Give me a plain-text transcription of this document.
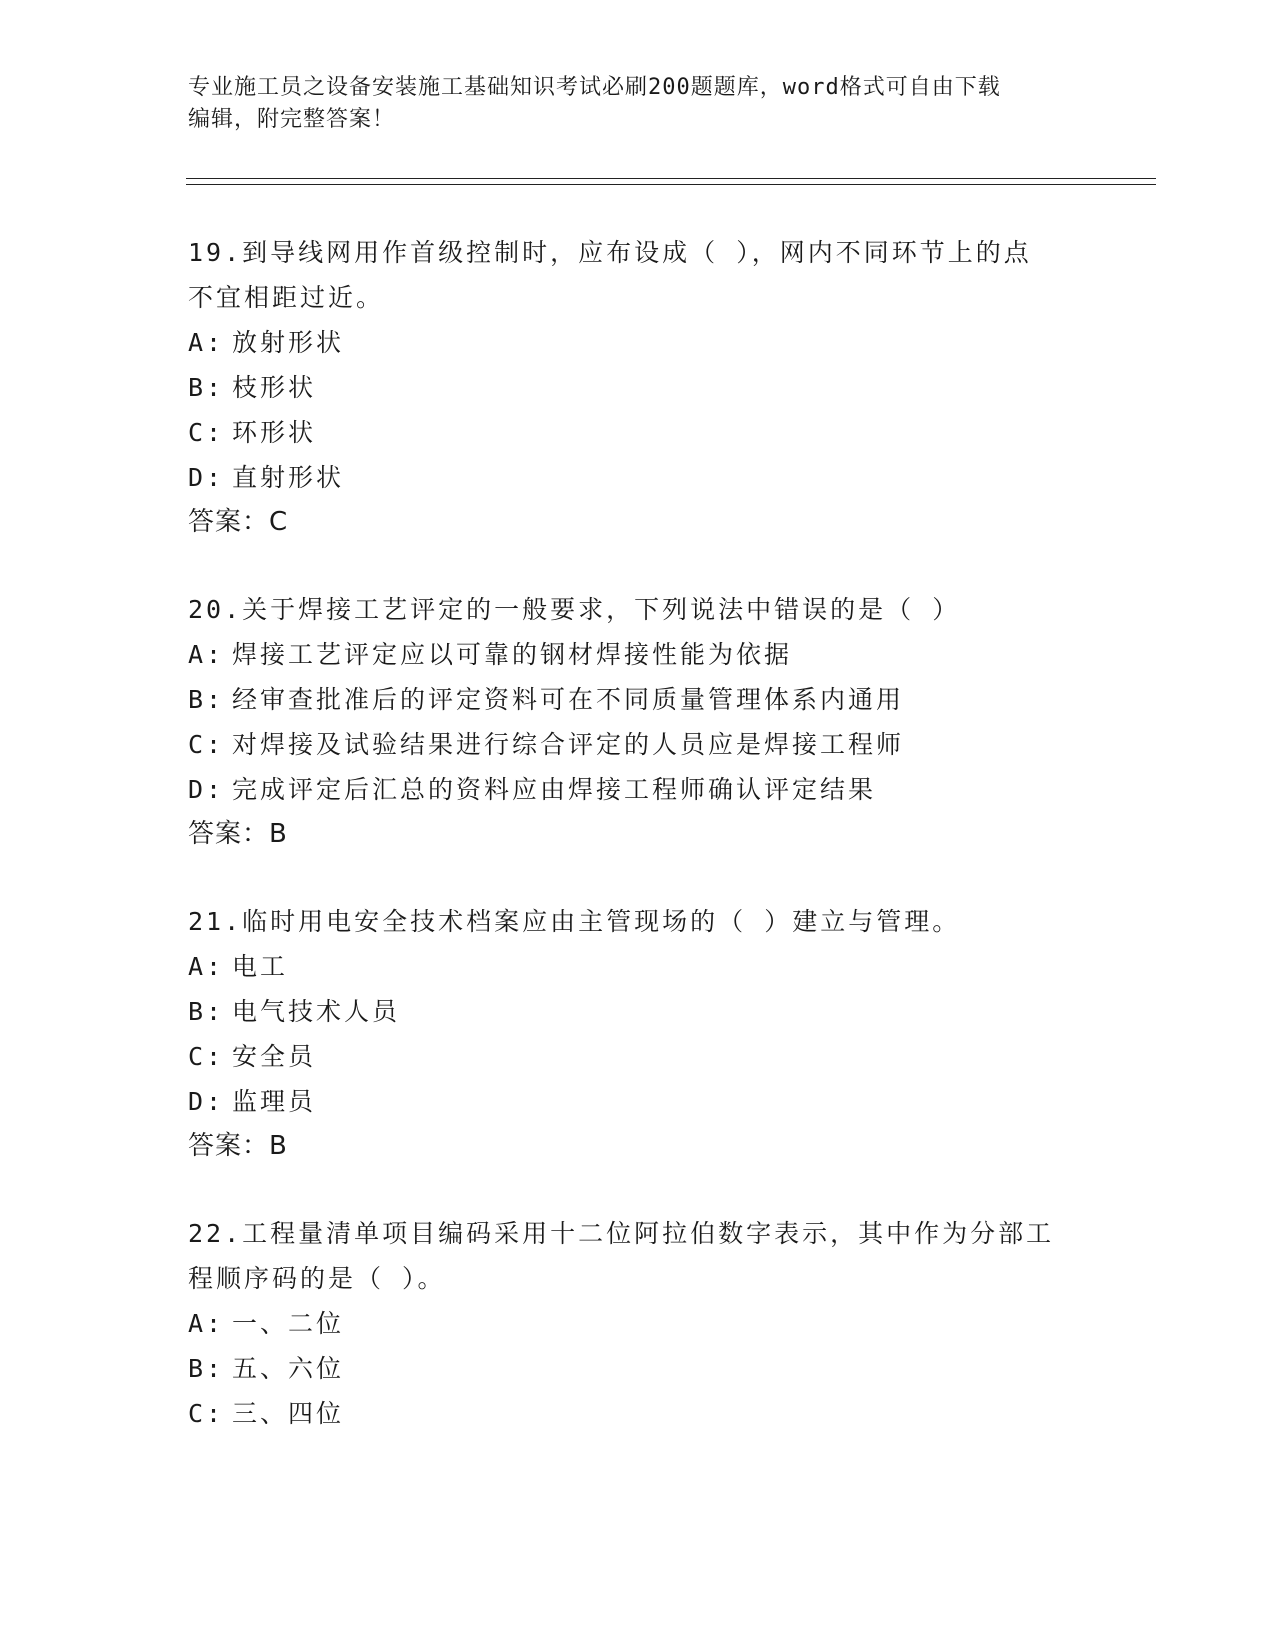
专业施工员之设备安装施工基础知识考试必刷200题题库，word格式可自由下载
编辑，附完整答案！
19.到导线网用作首级控制时，应布设成（ ），网内不同环节上的点
不宜相距过近。
A: 放射形状
B: 枝形状
C: 环形状
D: 直射形状
答案：C
20.关于焊接工艺评定的一般要求，下列说法中错误的是（ ）
A: 焊接工艺评定应以可靠的钢材焊接性能为依据
B: 经审查批准后的评定资料可在不同质量管理体系内通用
C: 对焊接及试验结果进行综合评定的人员应是焊接工程师
D: 完成评定后汇总的资料应由焊接工程师确认评定结果
答案：B
21.临时用电安全技术档案应由主管现场的（ ）建立与管理。
A: 电工
B: 电气技术人员
C: 安全员
D: 监理员
答案：B
22.工程量清单项目编码采用十二位阿拉伯数字表示，其中作为分部工
程顺序码的是（ ）。
A: 一、二位
B: 五、六位
C: 三、四位
